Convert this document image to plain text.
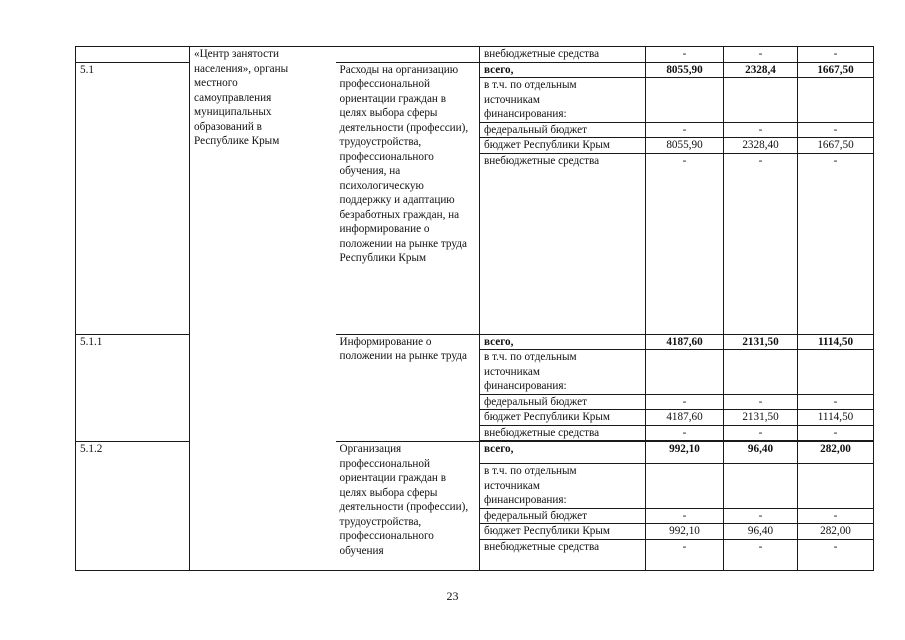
	«Центр занятости населения», органы местного самоуправления муниципальных образований в Республике Крым		внебюджетные средства	-	-	-
5.1		Расходы на организацию профессиональной ориентации граждан в целях выбора сферы деятельности (профессии), трудоустройства, профессионального обучения, на психологическую поддержку и адаптацию безработных граждан, на информирование о положении на рынке труда Республики Крым	всего,	8055,90	2328,4	1667,50
			в т.ч. по отдельным источникам финансирования:			
			федеральный бюджет	-	-	-
			бюджет Республики Крым	8055,90	2328,40	1667,50
			внебюджетные средства	-	-	-

5.1.1		Информирование о положении на рынке труда	всего,	4187,60	2131,50	1114,50
			в т.ч. по отдельным источникам финансирования:			
			федеральный бюджет	-	-	-
			бюджет Республики Крым	4187,60	2131,50	1114,50
			внебюджетные средства	-	-	-

5.1.2		Организация профессиональной ориентации граждан в целях выбора сферы деятельности (профессии), трудоустройства, профессионального обучения	всего,	992,10	96,40	282,00
			в т.ч. по отдельным источникам финансирования:			
			федеральный бюджет	-	-	-
			бюджет Республики Крым	992,10	96,40	282,00
			внебюджетные средства	-	-	-

23
